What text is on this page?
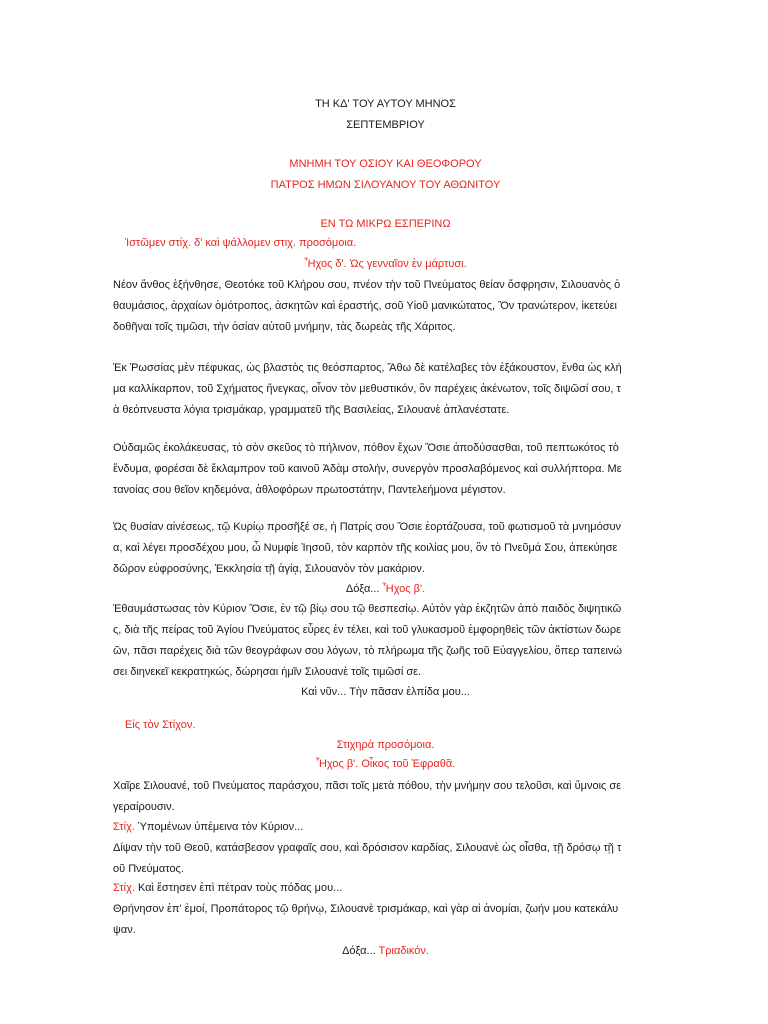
ΤΗ ΚΔ' ΤΟΥ ΑΥΤΟΥ ΜΗΝΟΣ
ΣΕΠΤΕΜΒΡΙΟΥ
ΜΝΗΜΗ ΤΟΥ ΟΣΙΟΥ ΚΑΙ ΘΕΟΦΟΡΟΥ
ΠΑΤΡΟΣ ΗΜΩΝ ΣΙΛΟΥΑΝΟΥ ΤΟΥ ΑΘΩΝΙΤΟΥ
ΕΝ ΤΩ ΜΙΚΡΩ ΕΣΠΕΡΙΝΩ
Ἱστῶμεν στίχ. δ' καὶ ψάλλομεν στιχ. προσόμοια.
Ἦχος δ'. Ὡς γενναῖον ἐν μάρτυσι.
Νέον ἄνθος ἐξήνθησε, Θεοτόκε τοῦ Κλήρου σου, πνέον τὴν τοῦ Πνεύματος θείαν ὄσφρησιν, Σιλουανὸς ὁ
θαυμάσιος, ἀρχαίων ὁμότροπος, ἀσκητῶν καὶ ἐραστής, σοῦ Υἱοῦ μανικώτατος, Ὅν τρανώτερον, ἱκετεύει
δοθῆναι τοῖς τιμῶσι, τὴν ὁσίαν αὐτοῦ μνήμην, τὰς δωρεὰς τῆς Χάριτος.
Ἐκ Ῥωσσίας μὲν πέφυκας, ὡς βλαστὸς τις θεόσπαρτος, Ἄθω δὲ κατέλαβες τὸν ἐξάκουστον, ἔνθα ὡς κλή
μα καλλίκαρπον, τοῦ Σχήματος ἤνεγκας, οἶνον τὸν μεθυστικόν, ὃν παρέχεις ἀκένωτον, τοῖς διψῶσί σου, τ
ὰ θεόπνευστα λόγια τρισμάκαρ, γραμματεῦ τῆς Βασιλείας, Σιλουανὲ ἀπλανέστατε.
Οὐδαμῶς ἐκολάκευσας, τὸ σὸν σκεῦος τὸ πήλινον, πόθον ἔχων Ὅσιε ἀποδύσασθαι, τοῦ πεπτωκότος τὸ
ἔνδυμα, φορέσαι δὲ ἔκλαμπρον τοῦ καινοῦ Ἀδὰμ στολήν, συνεργὸν προσλαβόμενος καὶ συλλήπτορα. Με
τανοίας σου θεῖον κηδεμόνα, ἀθλοφόρων πρωτοστάτην, Παντελεήμονα μέγιστον.
Ὡς θυσίαν αἰνέσεως, τῷ Κυρίῳ προσῆξέ σε, ἡ Πατρίς σου Ὅσιε ἑορτάζουσα, τοῦ φωτισμοῦ τὰ μνημόσυν
α, καὶ λέγει προσδέχου μου, ὦ Νυμφίε Ἰησοῦ, τὸν καρπὸν τῆς κοιλίας μου, ὃν τὸ Πνεῦμά Σου, ἀπεκύησε
δῶρον εὐφροσύνης, Ἐκκλησία τῇ ἁγίᾳ, Σιλουανὸν τὸν μακάριον.
Δόξα... Ἦχος β'.
Ἐθαυμάστωσας τὸν Κύριον Ὅσιε, ἐν τῷ βίῳ σου τῷ θεσπεσίῳ. Αὐτὸν γὰρ ἐκζητῶν ἀπὸ παιδὸς διψητικῶ
ς, διὰ τῆς πείρας τοῦ Ἁγίου Πνεύματος εὗρες ἐν τέλει, καὶ τοῦ γλυκασμοῦ ἐμφορηθεὶς τῶν ἀκτίστων δωρε
ῶν, πᾶσι παρέχεις διὰ τῶν θεογράφων σου λόγων, τὸ πλήρωμα τῆς ζωῆς τοῦ Εὐαγγελίου, ὅπερ ταπεινώ
σει διηνεκεῖ κεκρατηκώς, δώρησαι ἡμῖν Σιλουανὲ τοῖς τιμῶσί σε.
Καὶ νῦν... Τὴν πᾶσαν ἐλπίδα μου...
Εἰς τὸν Στίχον.
Στιχηρὰ προσόμοια.
Ἦχος β'. Οἶκος τοῦ Ἐφραθᾶ.
Χαῖρε Σιλουανέ, τοῦ Πνεύματος παράσχου, πᾶσι τοῖς μετὰ πόθου, τὴν μνήμην σου τελοῦσι, καὶ ὕμνοις σε
γεραίρουσιν.
Στίχ. Ὑπομένων ὑπέμεινα τὸν Κύριον...
Δίψαν τὴν τοῦ Θεοῦ, κατάσβεσον γραφαῖς σου, καὶ δρόσισον καρδίας, Σιλουανὲ ὡς οἶσθα, τῇ δρόσῳ τῇ τ
οῦ Πνεύματος.
Στίχ. Καὶ ἔστησεν ἐπὶ πέτραν τοὺς πόδας μου...
Θρήνησον ἐπ' ἐμοί, Προπάτορος τῷ θρήνῳ, Σιλουανὲ τρισμάκαρ, καὶ γὰρ αἱ ἀνομίαι, ζωήν μου κατεκάλυ
ψαν.
Δόξα... Τριαδικόν.
